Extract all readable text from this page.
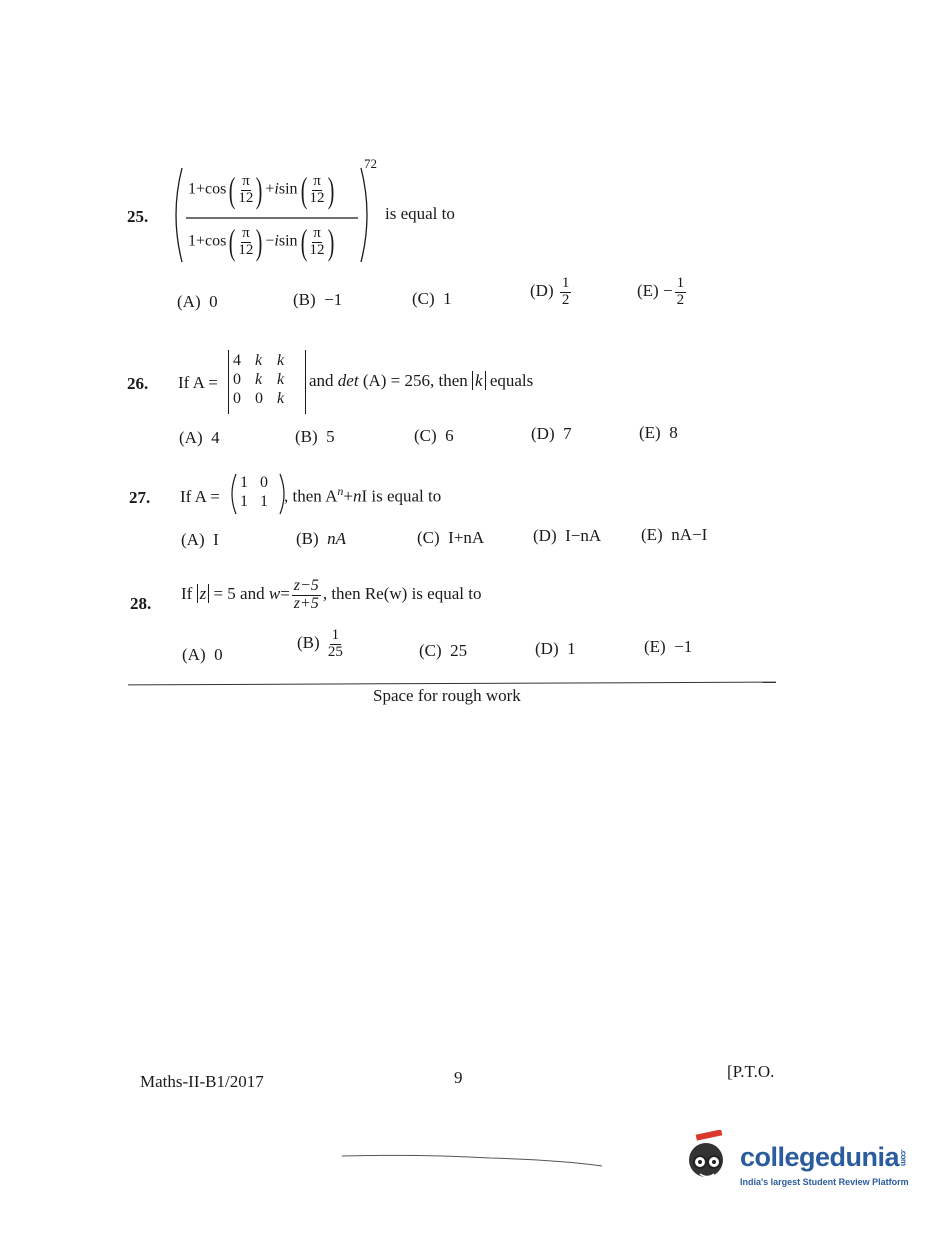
25.
72
$1+\cos( \frac{\pi}{12}$ ) $+isin( \frac{\pi}{12}$ )
$1+\cos( \frac{\pi}{12}$ ) $-isin( \frac{\pi}{12}$ )
is equal to
(A) 0	(B) −1	(C) 1	$(D) \frac{1}{2}$	$(E) - \frac{1}{2}$
26. If A =
4 k k
0 k k
0 0 k
and det (A) = 256, then k equals
(A) 4	(B) 5	(C) 6	(D) 7	(E) 8
27. If A =
1 0
1 1 , then $A^n+nI$ is equal to
(A) I	(B) nA	(C) I+nA	(D) I−nA (E) nA−I
28.
If z = 5 and $w= \frac{z-5}{z+5}$ , then Re(w) is equal to
(A) 0
$(B) \frac{1}{25}$	(C) 25	(D) 1	(E) −1
Space for rough work
Maths-II-B1/2017	9	[P.T.O.
collegedunia.com
India's largest Student Review Platform
